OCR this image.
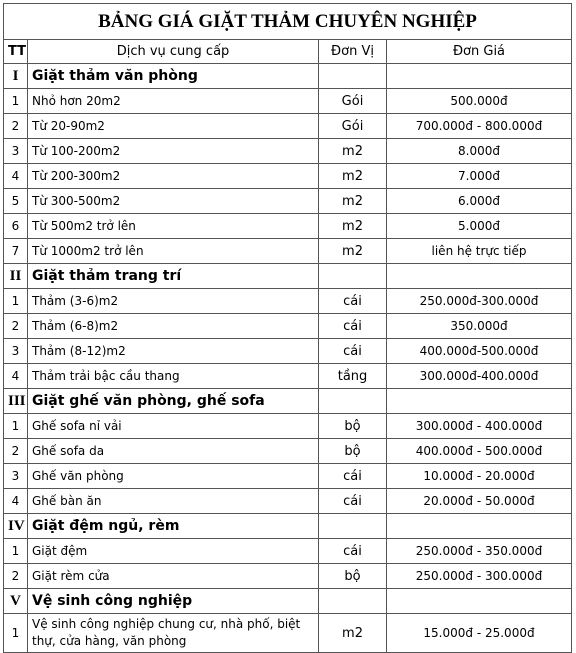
BẢNG GIÁ GIẶT THẢM CHUYÊN NGHIỆP			
TT	Dịch vụ cung cấp	Đơn Vị	Đơn Giá
I	Giặt thảm văn phòng		
1	Nhỏ hơn 20m2	Gói	500.000đ
2	Từ 20-90m2	Gói	700.000đ - 800.000đ
3	Từ 100-200m2	m2	8.000đ
4	Từ 200-300m2	m2	7.000đ
5	Từ 300-500m2	m2	6.000đ
6	Từ 500m2 trở lên	m2	5.000đ
7	Từ 1000m2 trở lên	m2	liên hệ trực tiếp
II	Giặt thảm trang trí		
1	Thảm (3-6)m2	cái	250.000đ-300.000đ
2	Thảm (6-8)m2	cái	350.000đ
3	Thảm (8-12)m2	cái	400.000đ-500.000đ
4	Thảm trải bậc cầu thang	tầng	300.000đ-400.000đ
III	Giặt ghế văn phòng, ghế sofa		
1	Ghế sofa nỉ vải	bộ	300.000đ - 400.000đ
2	Ghế sofa da	bộ	400.000đ - 500.000đ
3	Ghế văn phòng	cái	10.000đ - 20.000đ
4	Ghế bàn ăn	cái	20.000đ - 50.000đ
IV	Giặt đệm ngủ, rèm		
1	Giặt đệm	cái	250.000đ - 350.000đ
2	Giặt rèm cửa	bộ	250.000đ - 300.000đ
V	Vệ sinh công nghiệp		
1	Vệ sinh công nghiệp chung cư, nhà phố, biệt thự, cửa hàng, văn phòng	m2	15.000đ - 25.000đ
